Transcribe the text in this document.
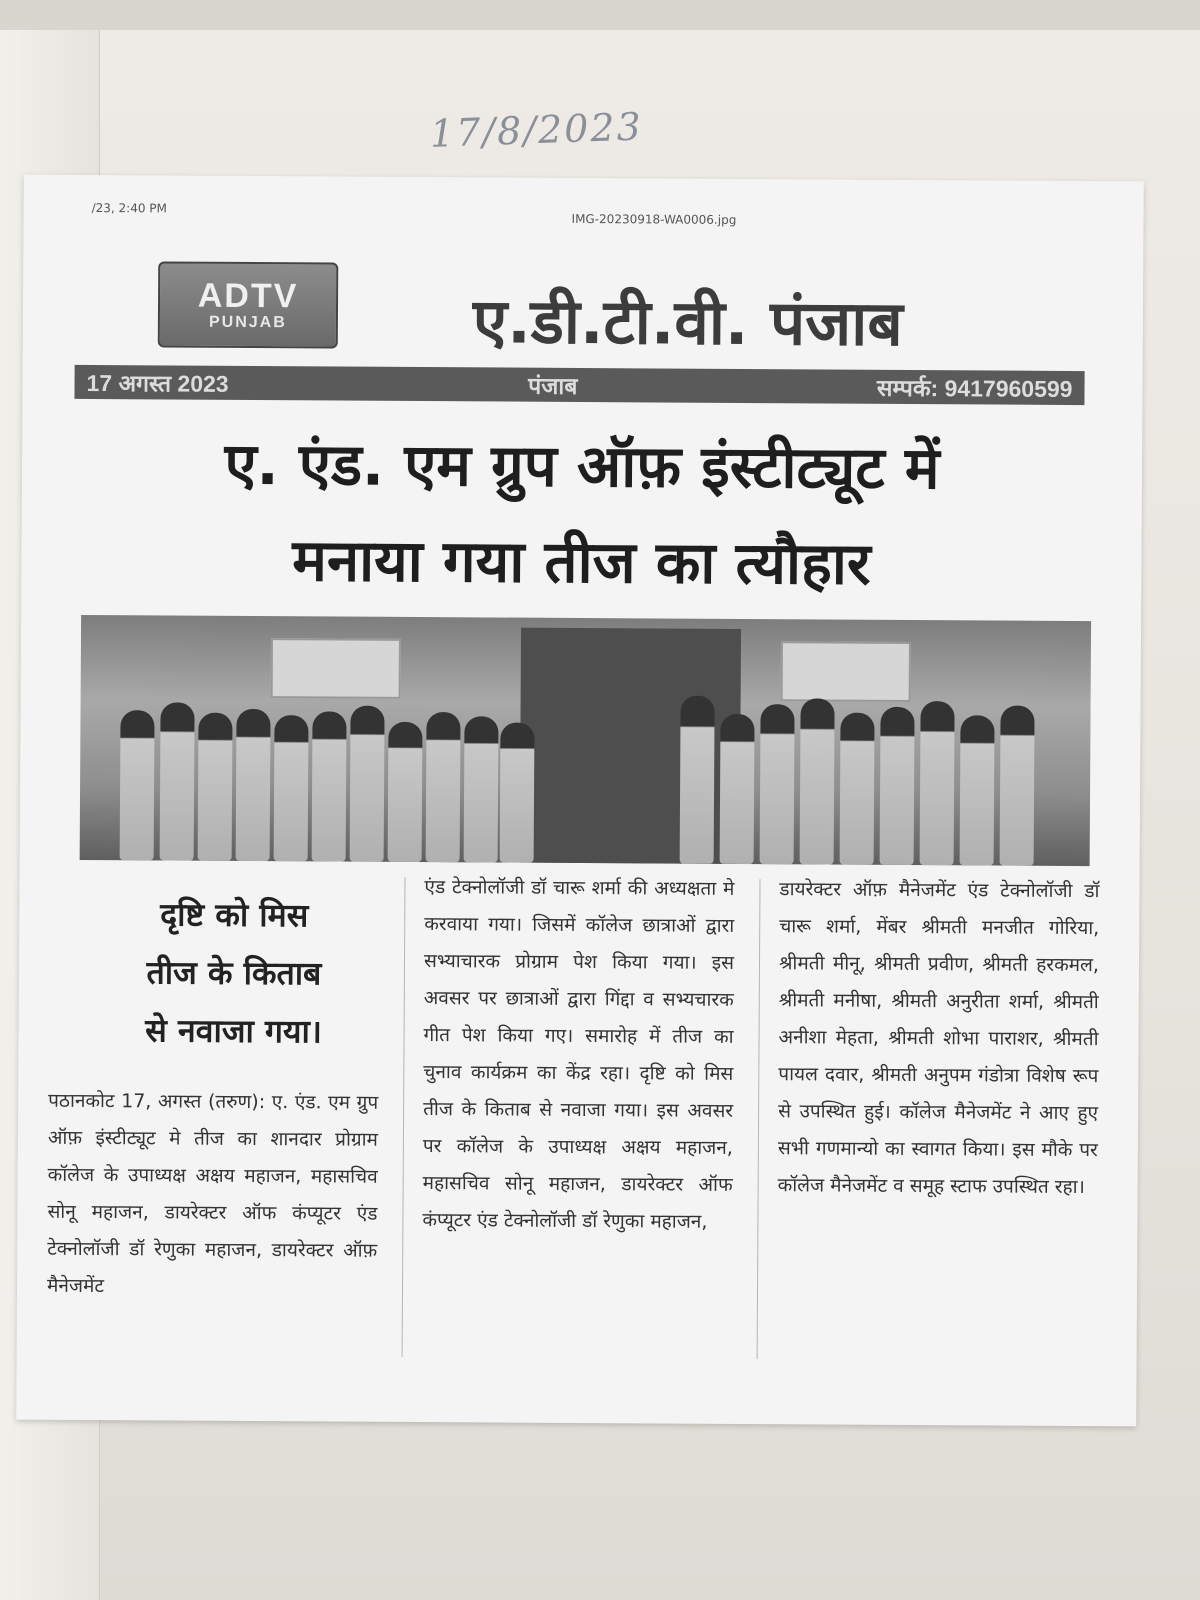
17/8/2023
/23, 2:40 PM
IMG-20230918-WA0006.jpg
ADTV
PUNJAB	ए.डी.टी.वी. पंजाब
17 अगस्त 2023	पंजाब	सम्पर्क: 9417960599
ए. एंड. एम ग्रुप ऑफ़ इंस्टीट्यूट में
मनाया गया तीज का त्यौहार
दृष्टि को मिस
तीज के किताब
से नवाजा गया।
पठानकोट 17, अगस्त (तरुण): ए. एंड. एम ग्रुप ऑफ़ इंस्टीट्यूट मे तीज का शानदार प्रोग्राम कॉलेज के उपाध्यक्ष अक्षय महाजन, महासचिव सोनू महाजन, डायरेक्टर ऑफ कंप्यूटर एंड टेक्नोलॉजी डॉ रेणुका महाजन, डायरेक्टर ऑफ़ मैनेजमेंट
एंड टेक्नोलॉजी डॉ चारू शर्मा की अध्यक्षता मे करवाया गया। जिसमें कॉलेज छात्राओं द्वारा सभ्याचारक प्रोग्राम पेश किया गया। इस अवसर पर छात्राओं द्वारा गिंद्दा व सभ्यचारक गीत पेश किया गए। समारोह में तीज का चुनाव कार्यक्रम का केंद्र रहा। दृष्टि को मिस तीज के किताब से नवाजा गया। इस अवसर पर कॉलेज के उपाध्यक्ष अक्षय महाजन, महासचिव सोनू महाजन, डायरेक्टर ऑफ कंप्यूटर एंड टेक्नोलॉजी डॉ रेणुका महाजन,
डायरेक्टर ऑफ़ मैनेजमेंट एंड टेक्नोलॉजी डॉ चारू शर्मा, मेंबर श्रीमती मनजीत गोरिया, श्रीमती मीनू, श्रीमती प्रवीण, श्रीमती हरकमल, श्रीमती मनीषा, श्रीमती अनुरीता शर्मा, श्रीमती अनीशा मेहता, श्रीमती शोभा पाराशर, श्रीमती पायल दवार, श्रीमती अनुपम गंडोत्रा विशेष रूप से उपस्थित हुई। कॉलेज मैनेजमेंट ने आए हुए सभी गणमान्यो का स्वागत किया। इस मौके पर कॉलेज मैनेजमेंट व समूह स्टाफ उपस्थित रहा।
